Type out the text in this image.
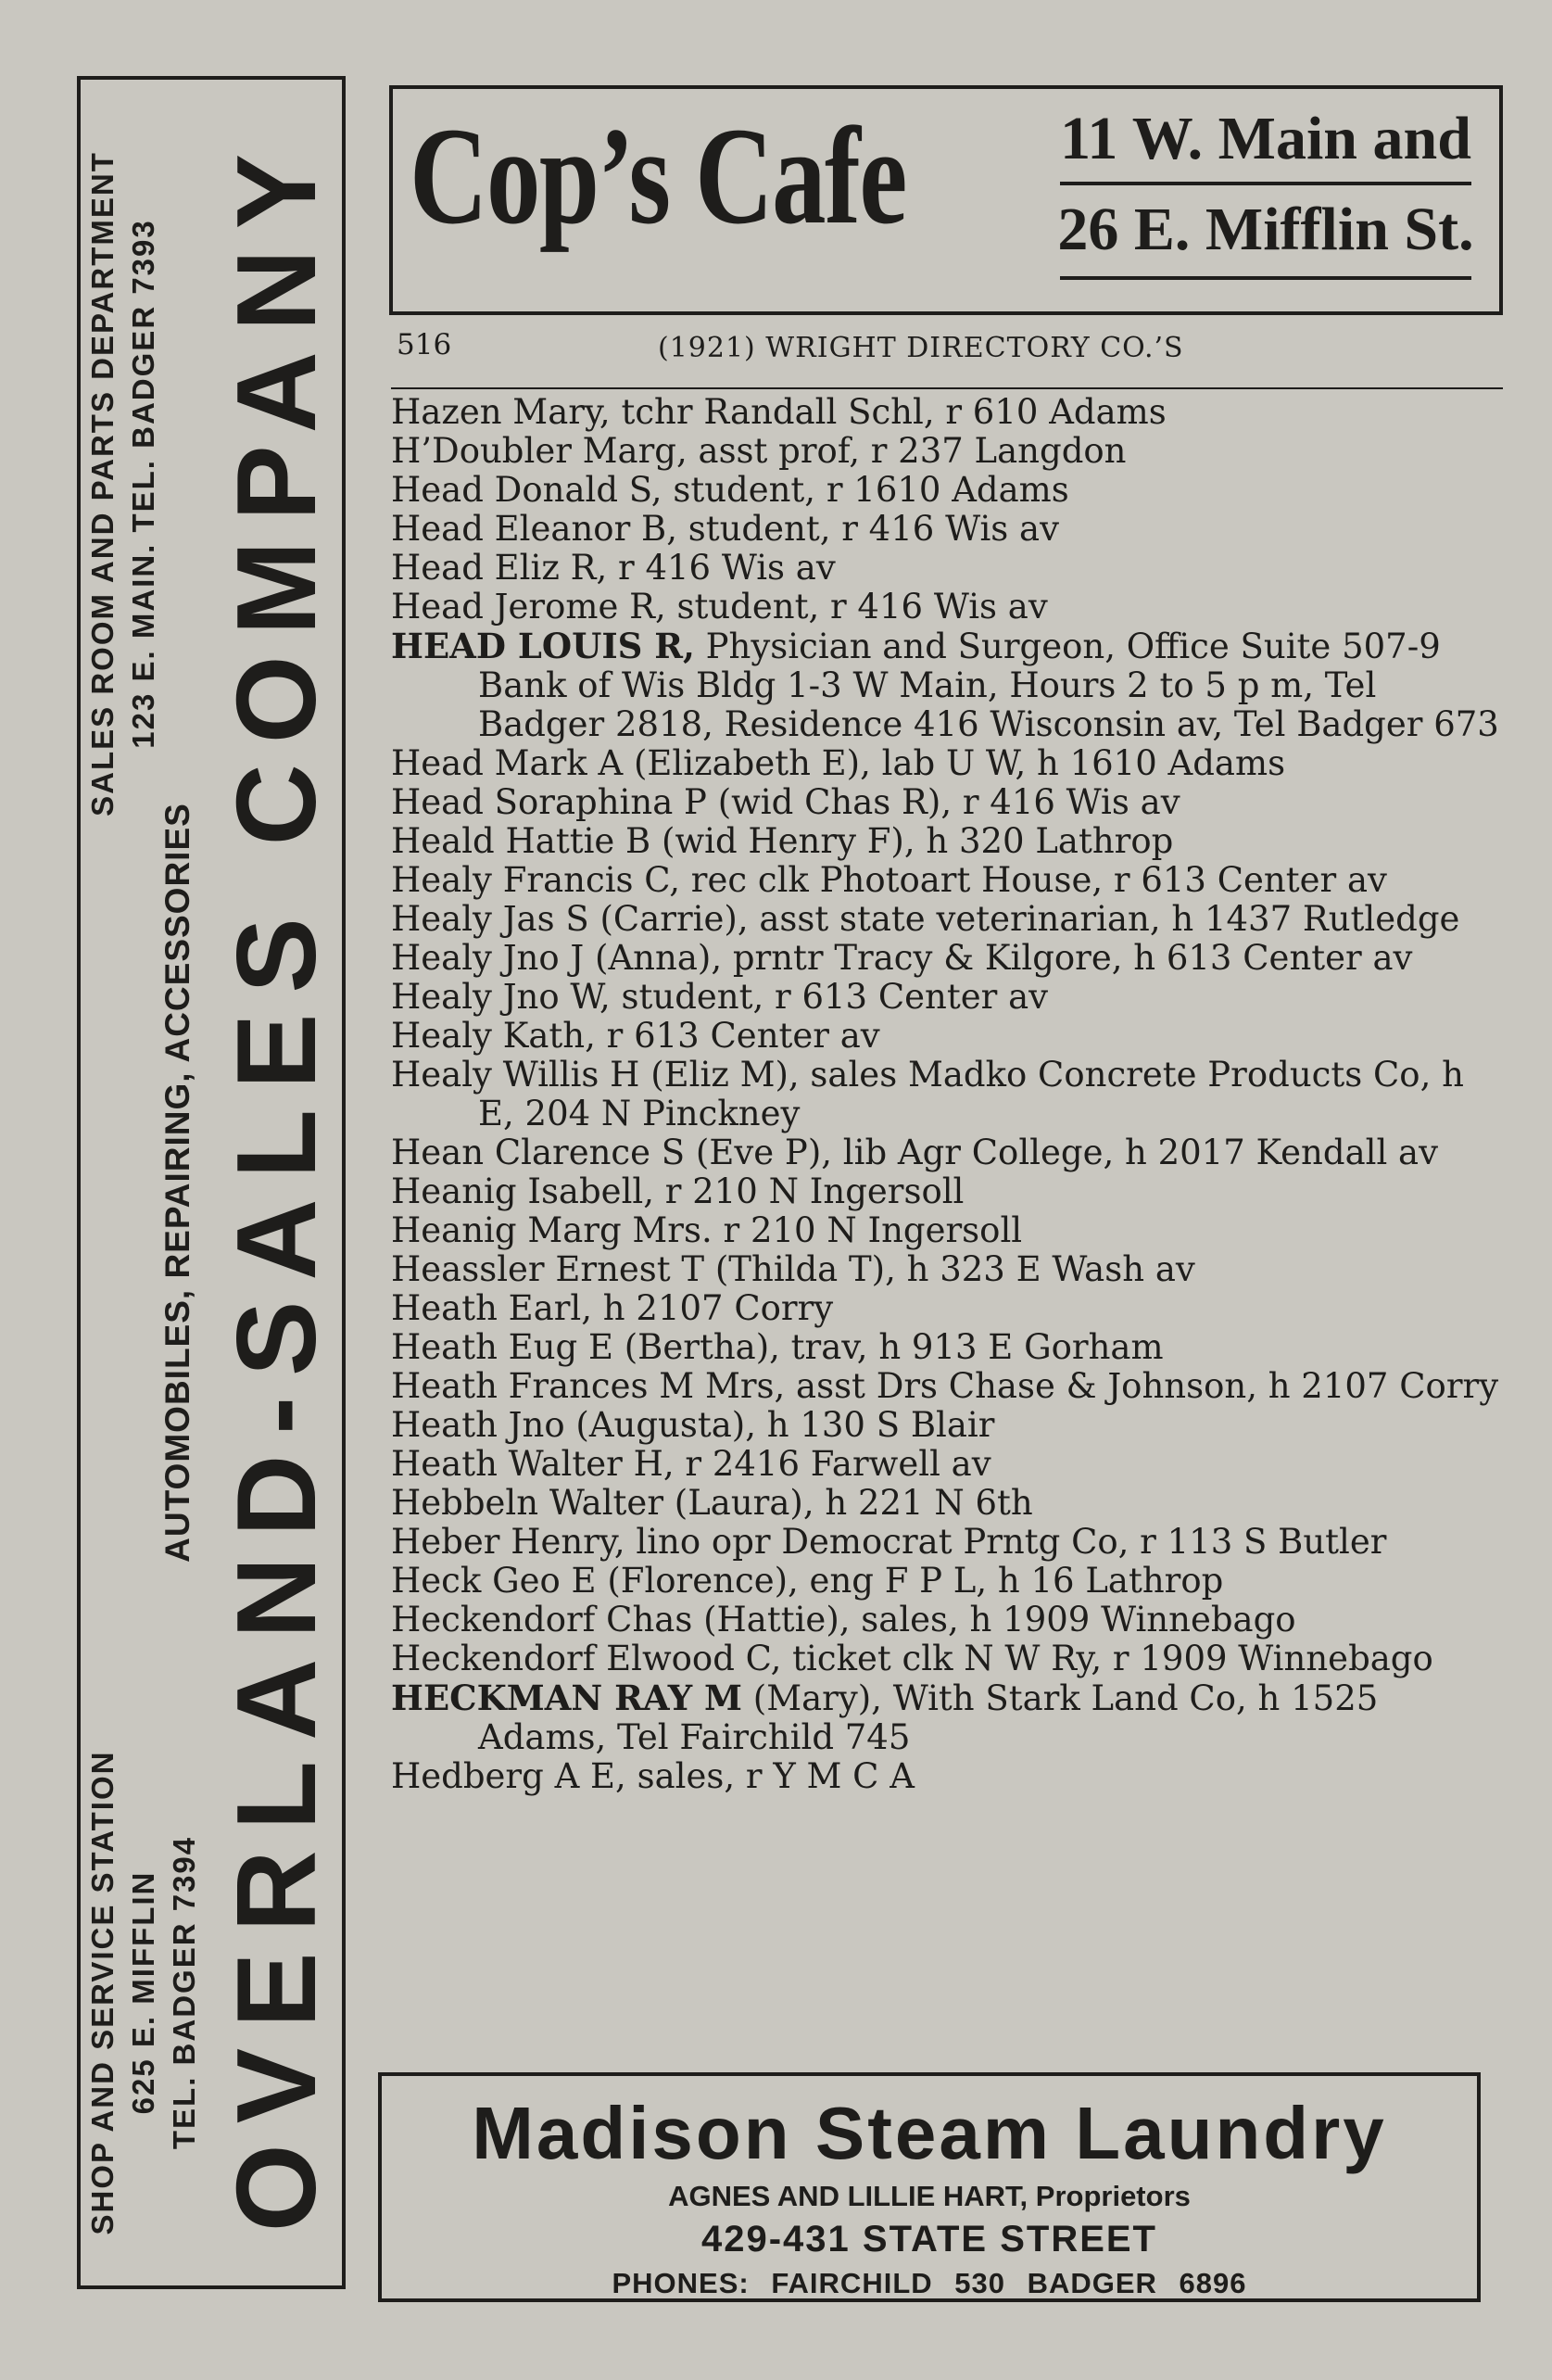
SHOP AND SERVICE STATION 625 E. MIFFLIN TEL. BADGER 7394
SALES ROOM AND PARTS DEPARTMENT 123 E. MAIN. TEL. BADGER 7393
AUTOMOBILES, REPAIRING, ACCESSORIES OVERLAND-SALES COMPANY Cop’s Cafe	11 W. Main and
26 E. Mifflin St.
516	(1921) WRIGHT DIRECTORY CO.’S
Hazen Mary, tchr Randall Schl, r 610 Adams
H’Doubler Marg, asst prof, r 237 Langdon
Head Donald S, student, r 1610 Adams
Head Eleanor B, student, r 416 Wis av
Head Eliz R, r 416 Wis av
Head Jerome R, student, r 416 Wis av
HEAD LOUIS R, Physician and Surgeon, Office Suite 507-9 Bank of Wis Bldg 1-3 W Main, Hours 2 to 5 p m, Tel Badger 2818, Residence 416 Wisconsin av, Tel Badger 673
Head Mark A (Elizabeth E), lab U W, h 1610 Adams
Head Soraphina P (wid Chas R), r 416 Wis av
Heald Hattie B (wid Henry F), h 320 Lathrop
Healy Francis C, rec clk Photoart House, r 613 Center av
Healy Jas S (Carrie), asst state veterinarian, h 1437 Rutledge
Healy Jno J (Anna), prntr Tracy & Kilgore, h 613 Center av
Healy Jno W, student, r 613 Center av
Healy Kath, r 613 Center av
Healy Willis H (Eliz M), sales Madko Concrete Products Co, h E, 204 N Pinckney
Hean Clarence S (Eve P), lib Agr College, h 2017 Kendall av
Heanig Isabell, r 210 N Ingersoll
Heanig Marg Mrs. r 210 N Ingersoll
Heassler Ernest T (Thilda T), h 323 E Wash av
Heath Earl, h 2107 Corry
Heath Eug E (Bertha), trav, h 913 E Gorham
Heath Frances M Mrs, asst Drs Chase & Johnson, h 2107 Corry
Heath Jno (Augusta), h 130 S Blair
Heath Walter H, r 2416 Farwell av
Hebbeln Walter (Laura), h 221 N 6th
Heber Henry, lino opr Democrat Prntg Co, r 113 S Butler
Heck Geo E (Florence), eng F P L, h 16 Lathrop
Heckendorf Chas (Hattie), sales, h 1909 Winnebago
Heckendorf Elwood C, ticket clk N W Ry, r 1909 Winnebago
HECKMAN RAY M (Mary), With Stark Land Co, h 1525 Adams, Tel Fairchild 745
Hedberg A E, sales, r Y M C A
Madison Steam Laundry
AGNES AND LILLIE HART, Proprietors
429-431 STATE STREET
PHONES: FAIRCHILD 530 BADGER 6896
